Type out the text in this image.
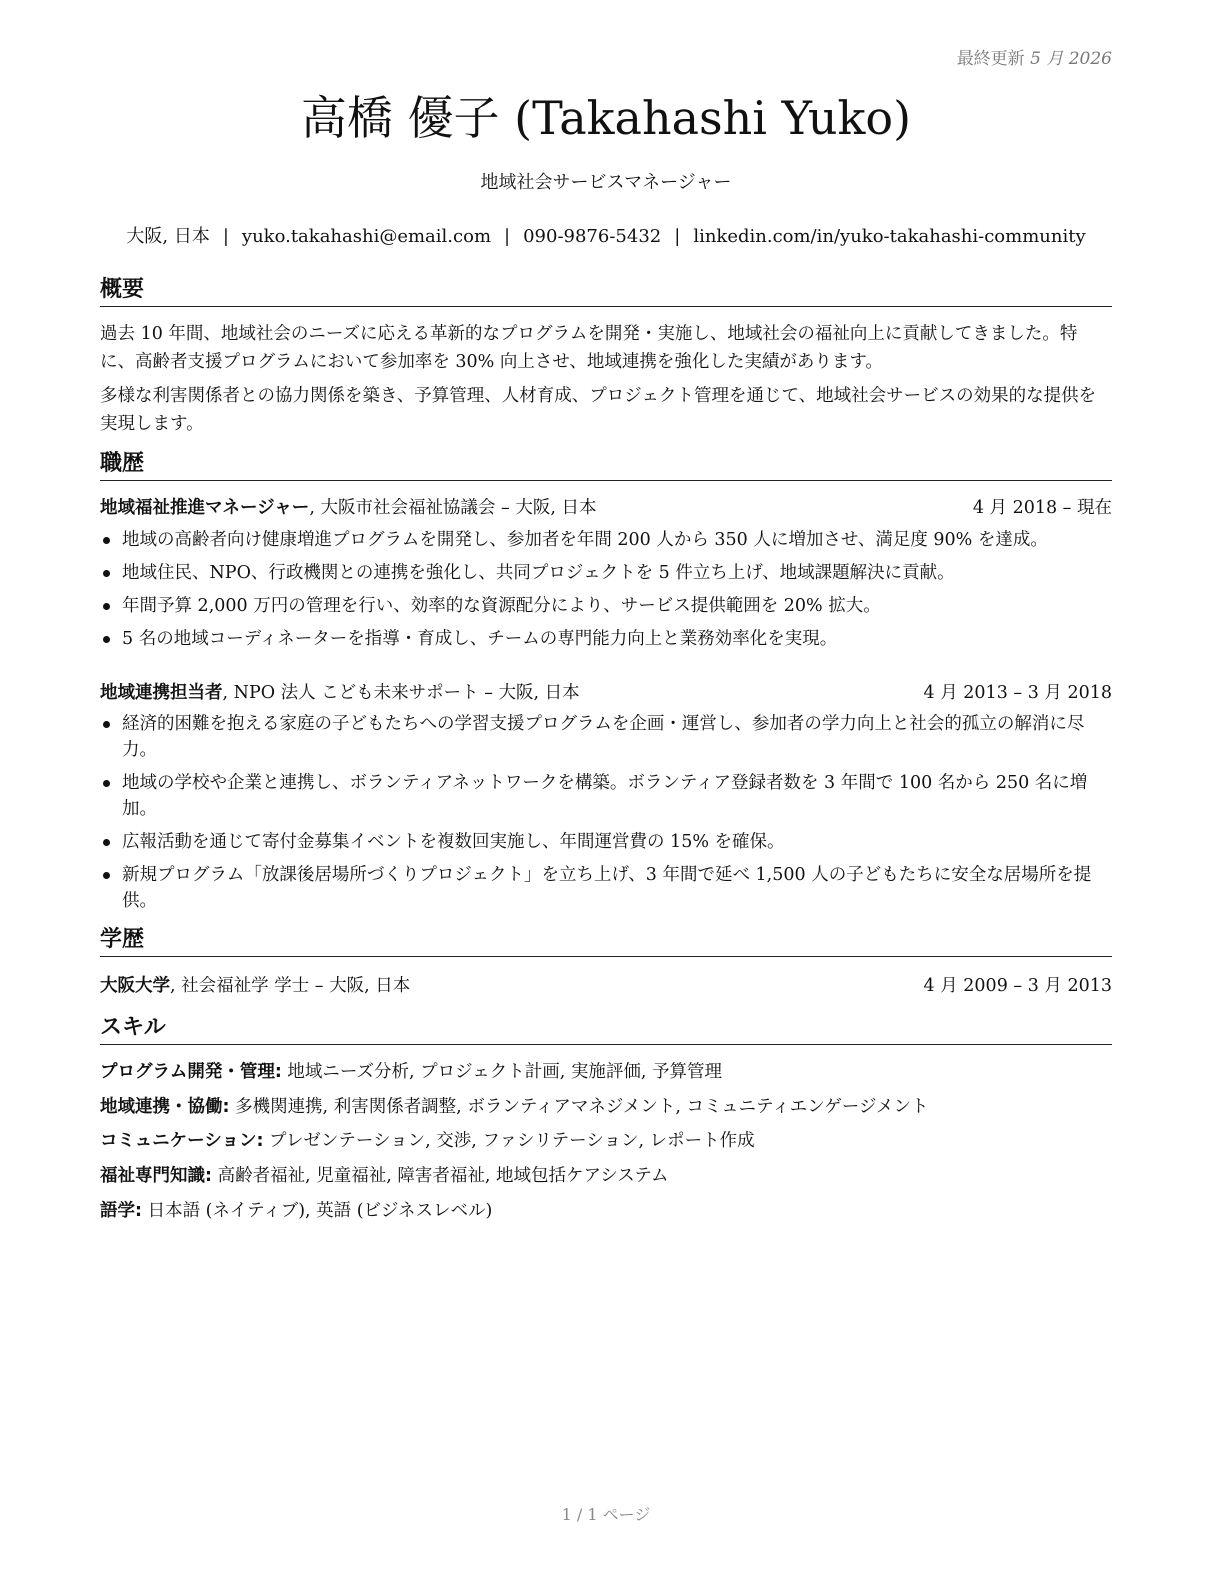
最終更新 5 月 2026
高橋 優子 (Takahashi Yuko)
地域社会サービスマネージャー
大阪, 日本 | yuko.takahashi@email.com | 090-9876-5432 | linkedin.com/in/yuko-takahashi-community
概要
過去 10 年間、地域社会のニーズに応える革新的なプログラムを開発・実施し、地域社会の福祉向上に貢献してきました。特に、高齢者支援プログラムにおいて参加率を 30% 向上させ、地域連携を強化した実績があります。
多様な利害関係者との協力関係を築き、予算管理、人材育成、プロジェクト管理を通じて、地域社会サービスの効果的な提供を実現します。
職歴
地域福祉推進マネージャー, 大阪市社会福祉協議会 – 大阪, 日本	4 月 2018 – 現在
地域の高齢者向け健康増進プログラムを開発し、参加者を年間 200 人から 350 人に増加させ、満足度 90% を達成。
地域住民、NPO、行政機関との連携を強化し、共同プロジェクトを 5 件立ち上げ、地域課題解決に貢献。
年間予算 2,000 万円の管理を行い、効率的な資源配分により、サービス提供範囲を 20% 拡大。
5 名の地域コーディネーターを指導・育成し、チームの専門能力向上と業務効率化を実現。
地域連携担当者, NPO 法人 こども未来サポート – 大阪, 日本	4 月 2013 – 3 月 2018
経済的困難を抱える家庭の子どもたちへの学習支援プログラムを企画・運営し、参加者の学力向上と社会的孤立の解消に尽力。
地域の学校や企業と連携し、ボランティアネットワークを構築。ボランティア登録者数を 3 年間で 100 名から 250 名に増加。
広報活動を通じて寄付金募集イベントを複数回実施し、年間運営費の 15% を確保。
新規プログラム「放課後居場所づくりプロジェクト」を立ち上げ、3 年間で延べ 1,500 人の子どもたちに安全な居場所を提供。
学歴
大阪大学, 社会福祉学 学士 – 大阪, 日本	4 月 2009 – 3 月 2013
スキル
プログラム開発・管理: 地域ニーズ分析, プロジェクト計画, 実施評価, 予算管理
地域連携・協働: 多機関連携, 利害関係者調整, ボランティアマネジメント, コミュニティエンゲージメント
コミュニケーション: プレゼンテーション, 交渉, ファシリテーション, レポート作成
福祉専門知識: 高齢者福祉, 児童福祉, 障害者福祉, 地域包括ケアシステム
語学: 日本語 (ネイティブ), 英語 (ビジネスレベル)
1 / 1 ページ
